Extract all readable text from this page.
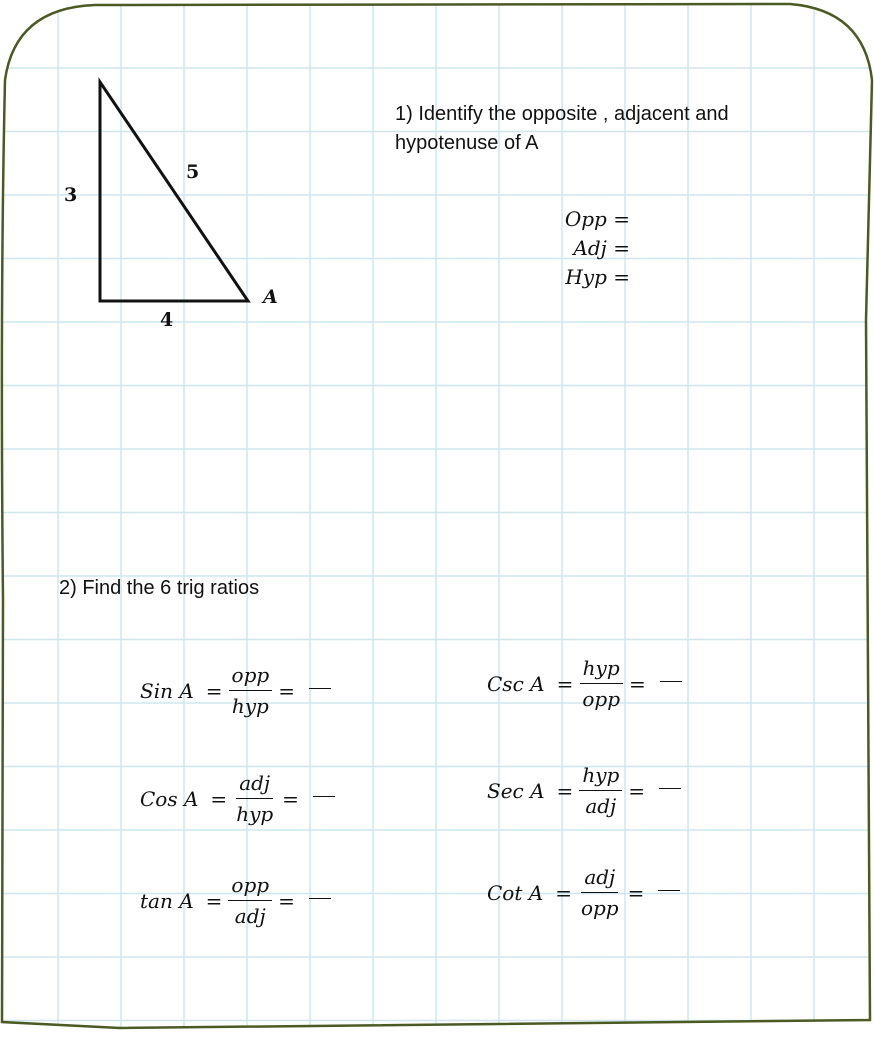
3
5
4
A
1) Identify the opposite , adjacent and hypotenuse of A
Opp =
Adj =
Hyp =
2) Find the 6 trig ratios
Sin $A = \frac{\text{opp}}{\text{hyp}}$ =
Cos $A = \frac{\text{adj}}{\text{hyp}}$ =
$\tan A = \frac{\text{opp}}{\text{adj}}$ =
Csc $A = \frac{\text{hyp}}{\text{opp}}$ =
Sec $A = \frac{\text{hyp}}{\text{adj}}$ =
Cot $A = \frac{\text{adj}}{\text{opp}}$ =
